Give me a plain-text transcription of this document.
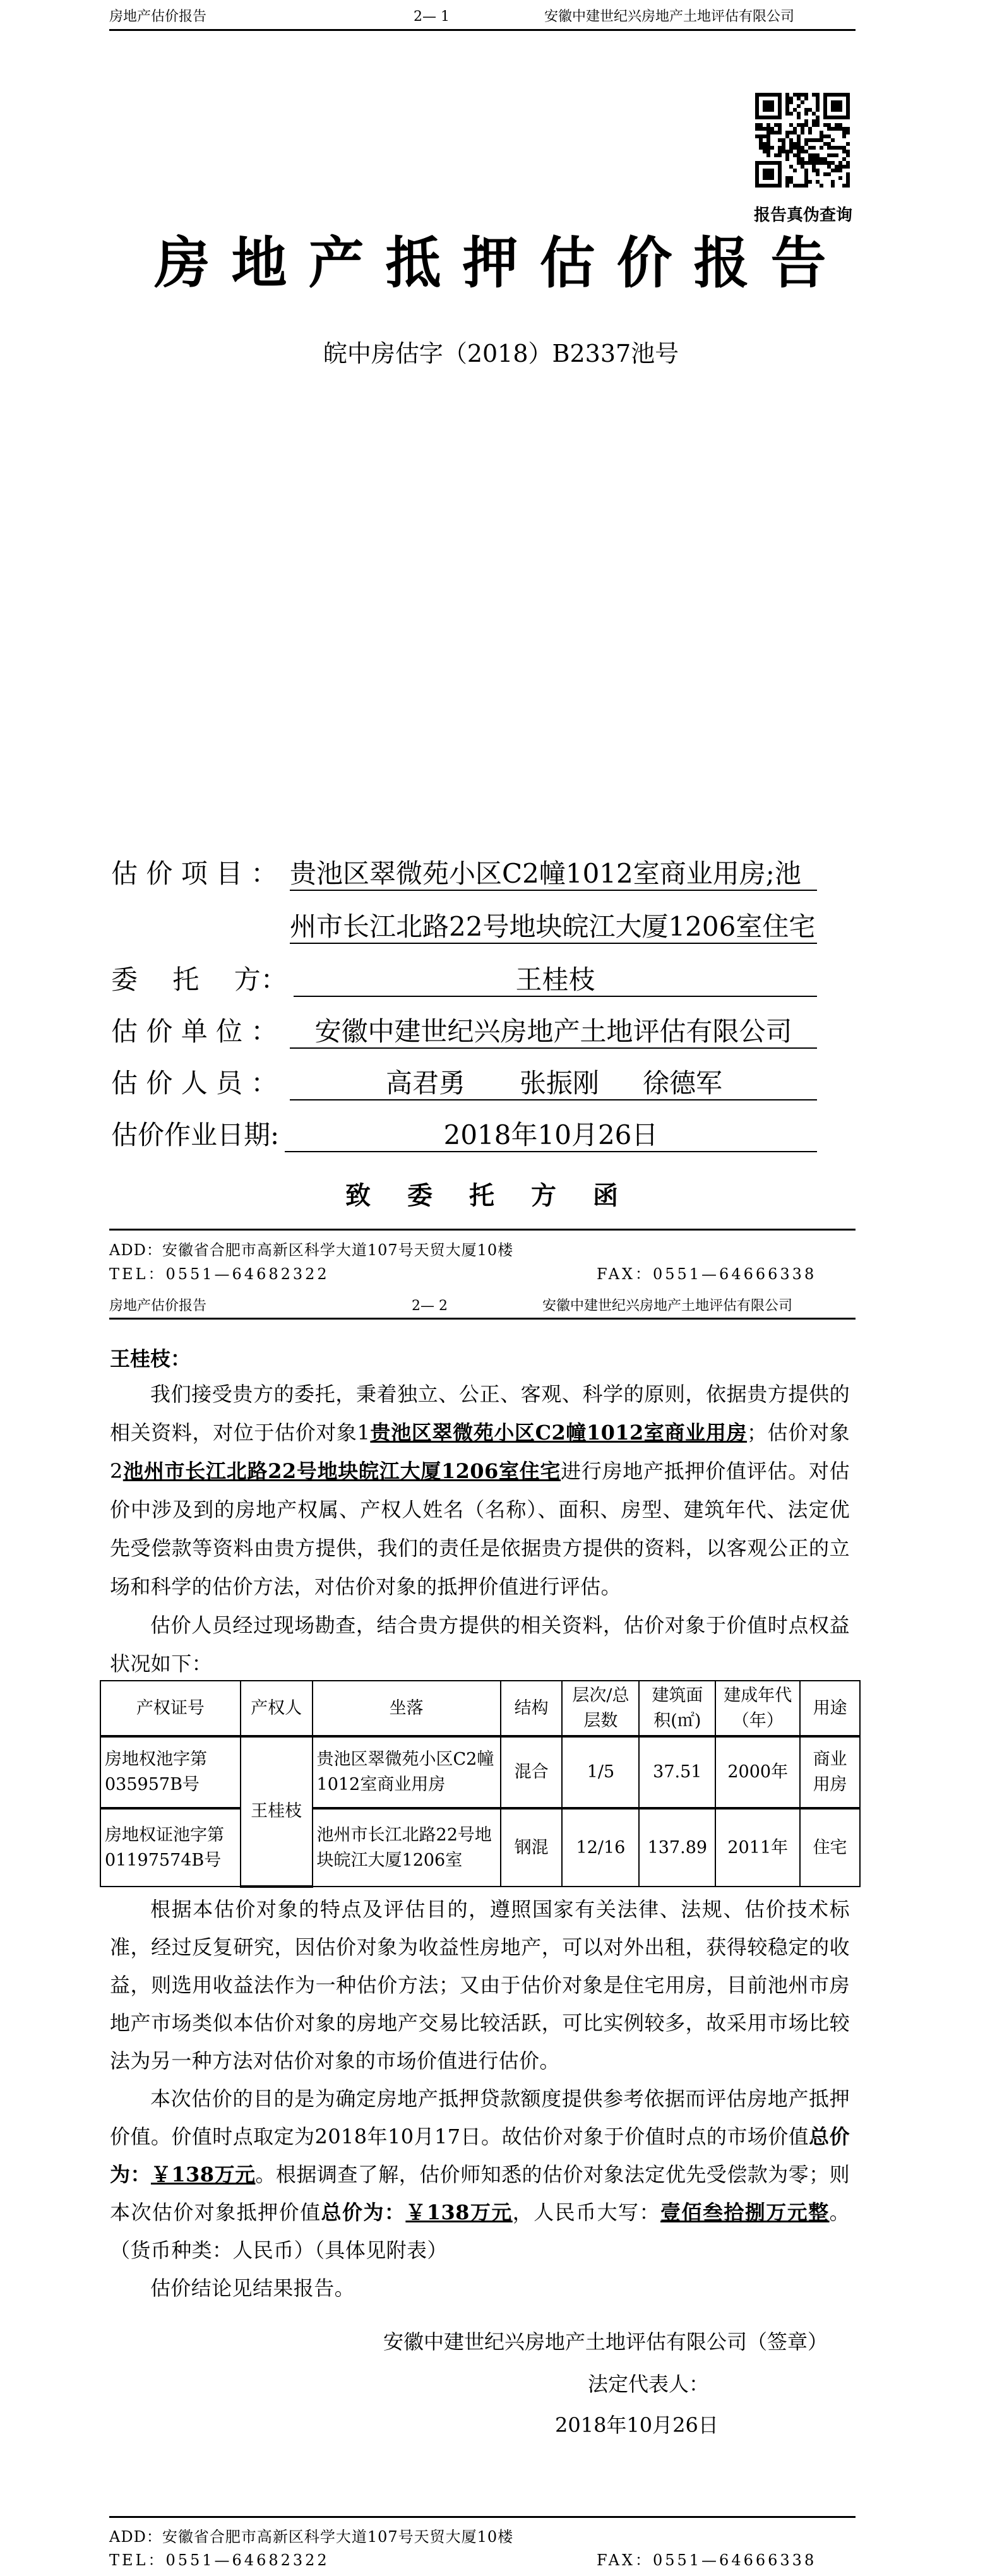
房地产估价报告	2— 1	安徽中建世纪兴房地产土地评估有限公司
报告真伪查询
房地产抵押估价报告
皖中房估字（2018）B2337池号
估 价 项 目 ： 贵池区翠微苑小区C2幢1012室商业用房;池
州市长江北路22号地块皖江大厦1206室住宅
委　 托　 方：	王桂枝
估 价 单 位 ：	安徽中建世纪兴房地产土地评估有限公司
估 价 人 员 ：	高君勇 张振刚 徐德军

估价作业日期:	2018年10月26日
致委托方函
ADD：安徽省合肥市高新区科学大道107号天贸大厦10楼
TEL：0551—64682322	FAX：0551—64666338
房地产估价报告	2— 2	安徽中建世纪兴房地产土地评估有限公司
王桂枝：

我们接受贵方的委托，秉着独立、公正、客观、科学的原则，依据贵方提供的相关资料，对位于估价对象1贵池区翠微苑小区C2幢1012室商业用房；估价对象2池州市长江北路22号地块皖江大厦1206室住宅进行房地产抵押价值评估。对估价中涉及到的房地产权属、产权人姓名（名称）、面积、房型、建筑年代、法定优先受偿款等资料由贵方提供，我们的责任是依据贵方提供的资料，以客观公正的立场和科学的估价方法，对估价对象的抵押价值进行评估。

估价人员经过现场勘查，结合贵方提供的相关资料，估价对象于价值时点权益状况如下：

产权证号	产权人	坐落	结构	层次/总层数	建筑面积(㎡)	建成年代（年）	用途
房地权池字第035957B号	王桂枝	贵池区翠微苑小区C2幢1012室商业用房	混合	1/5	37.51	2000年	商业用房
房地权证池字第01197574B号		池州市长江北路22号地块皖江大厦1206室	钢混	12/16	137.89	2011年	住宅

根据本估价对象的特点及评估目的，遵照国家有关法律、法规、估价技术标准，经过反复研究，因估价对象为收益性房地产，可以对外出租，获得较稳定的收益，则选用收益法作为一种估价方法；又由于估价对象是住宅用房，目前池州市房地产市场类似本估价对象的房地产交易比较活跃，可比实例较多，故采用市场比较法为另一种方法对估价对象的市场价值进行估价。

本次估价的目的是为确定房地产抵押贷款额度提供参考依据而评估房地产抵押价值。价值时点取定为2018年10月17日。故估价对象于价值时点的市场价值总价为：￥138万元。根据调查了解，估价师知悉的估价对象法定优先受偿款为零；则本次估价对象抵押价值总价为：￥138万元，人民币大写：壹佰叁拾捌万元整。（货币种类：人民币）（具体见附表）

估价结论见结果报告。

安徽中建世纪兴房地产土地评估有限公司（签章）
法定代表人：
2018年10月26日
ADD：安徽省合肥市高新区科学大道107号天贸大厦10楼
TEL：0551—64682322	FAX：0551—64666338
